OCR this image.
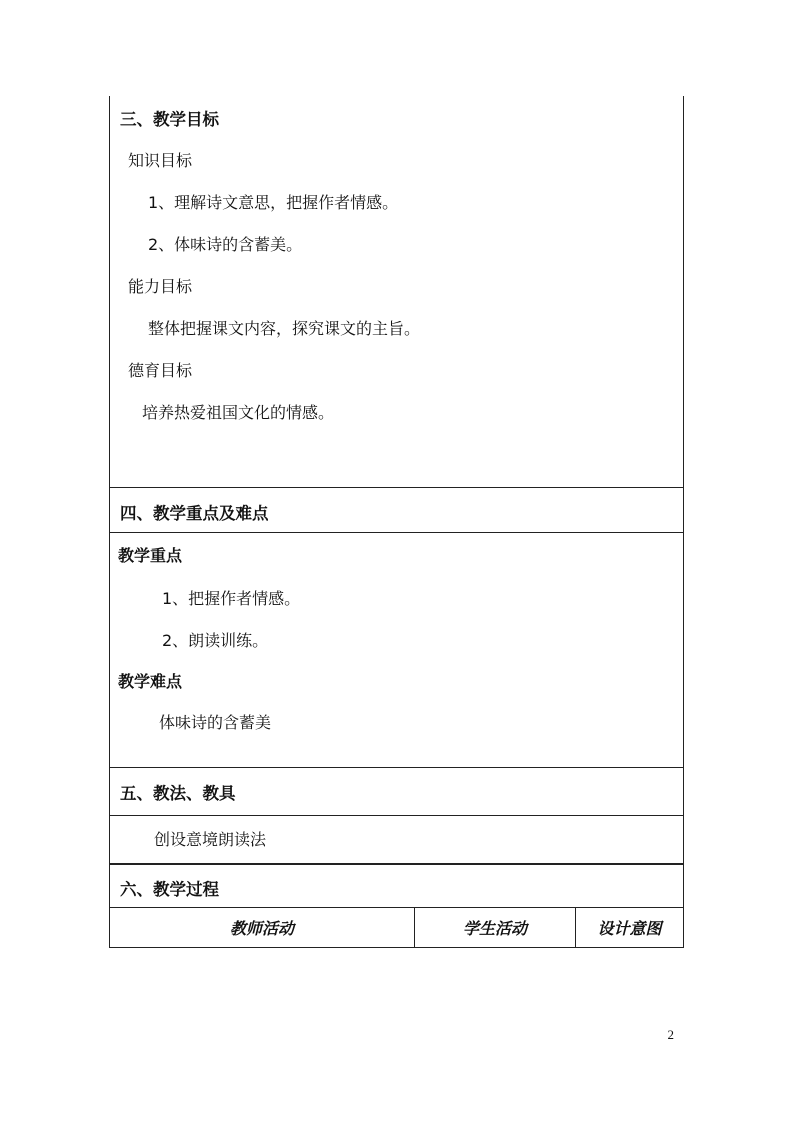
三、教学目标
知识目标
1、理解诗文意思，把握作者情感。
2、体味诗的含蓄美。
能力目标
整体把握课文内容，探究课文的主旨。
德育目标
培养热爱祖国文化的情感。
四、教学重点及难点
教学重点
1、把握作者情感。
2、朗读训练。
教学难点
体味诗的含蓄美
五、教法、教具
创设意境朗读法
六、教学过程
教师活动	学生活动	设计意图
2
